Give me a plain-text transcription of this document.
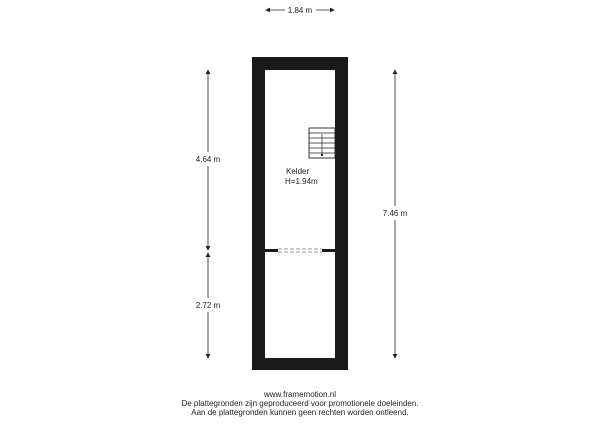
1.84 m
Kelder
H=1.94m
4.64 m
2.72 m
7.46 m
www.framemotion.nl
De plattegronden zijn geproduceerd voor promotionele doeleinden.
Aan de plattegronden kunnen geen rechten worden ontleend.
